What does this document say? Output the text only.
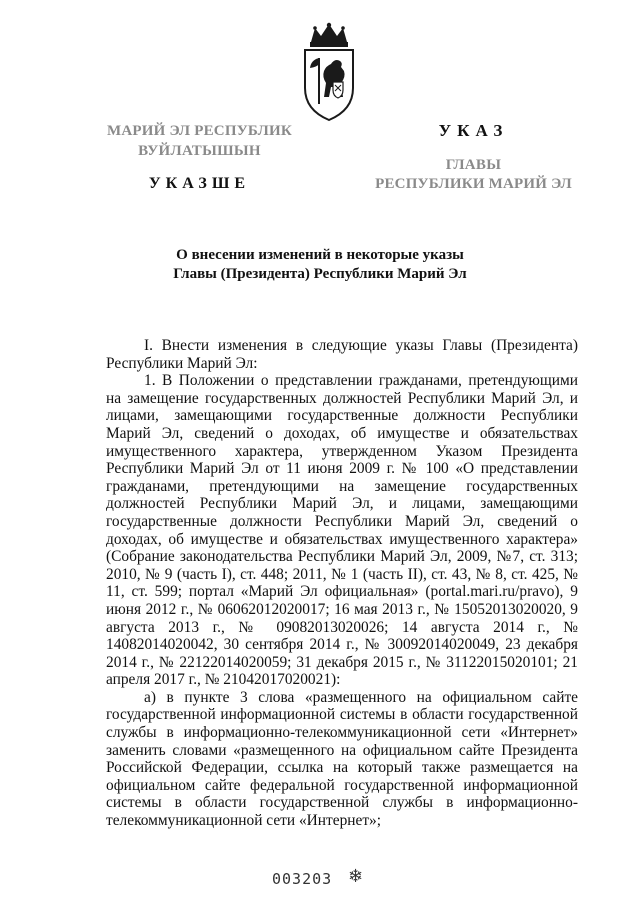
МАРИЙ ЭЛ РЕСПУБЛИК
ВУЙЛАТЫШЫН
УКАЗШЕ
УКАЗ
ГЛАВЫ
РЕСПУБЛИКИ МАРИЙ ЭЛ
О внесении изменений в некоторые указы
Главы (Президента) Республики Марий Эл

I. Внести изменения в следующие указы Главы (Президента) Республики Марий Эл:

1. В Положении о представлении гражданами, претендующими на замещение государственных должностей Республики Марий Эл, и лицами, замещающими государственные должности Республики Марий Эл, сведений о доходах, об имуществе и обязательствах имущественного характера, утвержденном Указом Президента Республики Марий Эл от 11 июня 2009 г. № 100 «О представлении гражданами, претендующими на замещение государственных должностей Республики Марий Эл, и лицами, замещающими государственные должности Республики Марий Эл, сведений о доходах, об имуществе и обязательствах имущественного характера» (Собрание законодательства Республики Марий Эл, 2009, №7, ст. 313; 2010, № 9 (часть I), ст. 448; 2011, № 1 (часть II), ст. 43, № 8, ст. 425, № 11, ст. 599; портал «Марий Эл официальная» (portal.mari.ru/pravo), 9 июня 2012 г., № 06062012020017; 16 мая 2013 г., № 15052013020020, 9 августа 2013 г., № 09082013020026; 14 августа 2014 г., № 14082014020042, 30 сентября 2014 г., № 30092014020049, 23 декабря 2014 г., № 22122014020059; 31 декабря 2015 г., № 31122015020101; 21 апреля 2017 г., № 21042017020021):

а) в пункте 3 слова «размещенного на официальном сайте государственной информационной системы в области государственной службы в информационно-телекоммуникационной сети «Интернет» заменить словами «размещенного на официальном сайте Президента Российской Федерации, ссылка на который также размещается на официальном сайте федеральной государственной информационной системы в области государственной службы в информационно-телекоммуникационной сети «Интернет»;

003203 ❄
